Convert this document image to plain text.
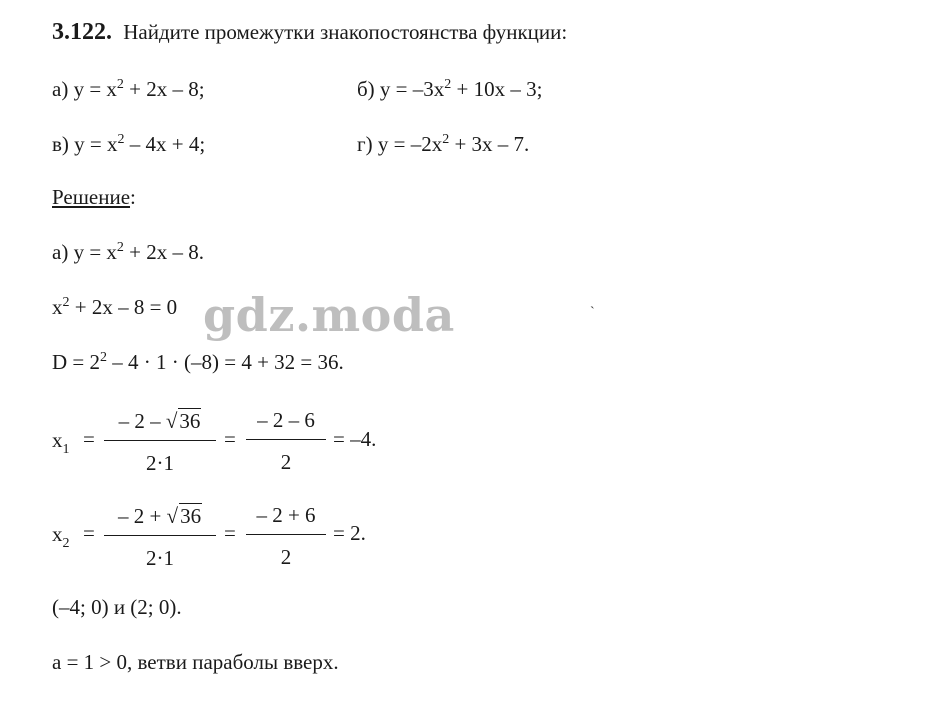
3.122. Найдите промежутки знакопостоянства функции:
а) $y = x^2 + 2x - 8$;	б) $y = -3x^2 + 10x - 3$;
в) $y = x^2 - 4x + 4$;	г) $y = -2x^2 + 3x - 7$.
Решение:
а) $y = x^2 + 2x - 8$.
$x^2 + 2x - 8 = 0$ gdz.moda	ˋ
$D = 2^2 - 4 \cdot 1 \cdot (-8) = 4 + 32 = 36$.
$x_1$ =
– 2 – √36
2·1
=
– 2 – 6
2
= –4.
$x_2$ =
– 2 + √36
2·1
=
– 2 + 6
2
= 2.
(–4; 0) и (2; 0).
a = 1 > 0, ветви параболы вверх.
